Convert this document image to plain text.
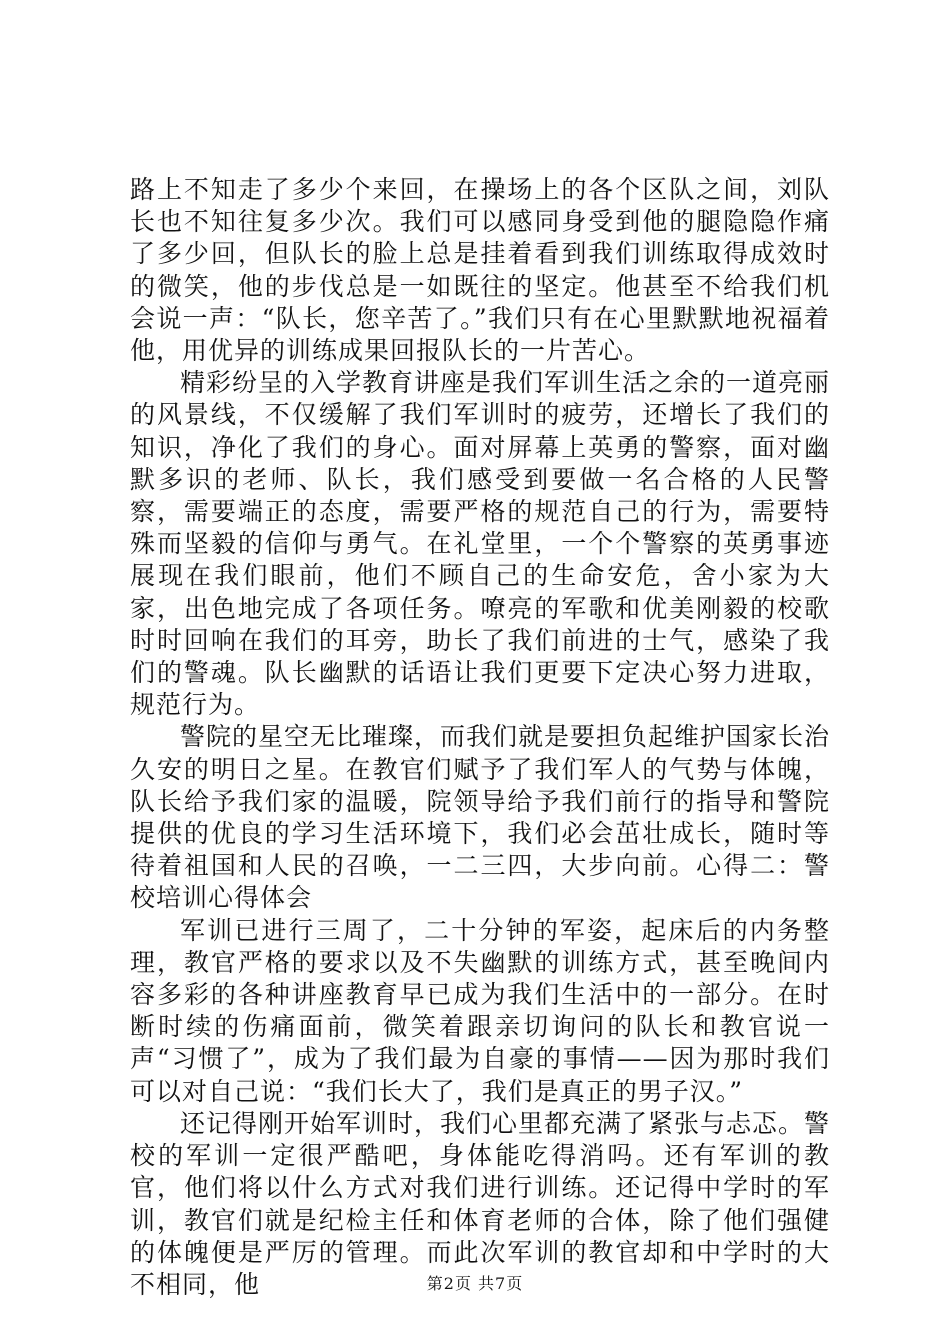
路上不知走了多少个来回，在操场上的各个区队之间，刘队长也不知往复多少次。我们可以感同身受到他的腿隐隐作痛了多少回，但队长的脸上总是挂着看到我们训练取得成效时的微笑，他的步伐总是一如既往的坚定。他甚至不给我们机会说一声：“队长，您辛苦了。”我们只有在心里默默地祝福着他，用优异的训练成果回报队长的一片苦心。

精彩纷呈的入学教育讲座是我们军训生活之余的一道亮丽的风景线，不仅缓解了我们军训时的疲劳，还增长了我们的知识，净化了我们的身心。面对屏幕上英勇的警察，面对幽默多识的老师、队长，我们感受到要做一名合格的人民警察，需要端正的态度，需要严格的规范自己的行为，需要特殊而坚毅的信仰与勇气。在礼堂里，一个个警察的英勇事迹展现在我们眼前，他们不顾自己的生命安危，舍小家为大家，出色地完成了各项任务。嘹亮的军歌和优美刚毅的校歌时时回响在我们的耳旁，助长了我们前进的士气，感染了我们的警魂。队长幽默的话语让我们更要下定决心努力进取，规范行为。

警院的星空无比璀璨，而我们就是要担负起维护国家长治久安的明日之星。在教官们赋予了我们军人的气势与体魄，队长给予我们家的温暖，院领导给予我们前行的指导和警院提供的优良的学习生活环境下，我们必会茁壮成长，随时等待着祖国和人民的召唤，一二三四，大步向前。心得二：警校培训心得体会

军训已进行三周了，二十分钟的军姿，起床后的内务整理，教官严格的要求以及不失幽默的训练方式，甚至晚间内容多彩的各种讲座教育早已成为我们生活中的一部分。在时断时续的伤痛面前，微笑着跟亲切询问的队长和教官说一声“习惯了”，成为了我们最为自豪的事情——因为那时我们可以对自己说：“我们长大了，我们是真正的男子汉。”

还记得刚开始军训时，我们心里都充满了紧张与忐忑。警校的军训一定很严酷吧，身体能吃得消吗。还有军训的教官，他们将以什么方式对我们进行训练。还记得中学时的军训，教官们就是纪检主任和体育老师的合体，除了他们强健的体魄便是严厉的管理。而此次军训的教官却和中学时的大不相同，他	第2页 共7页
